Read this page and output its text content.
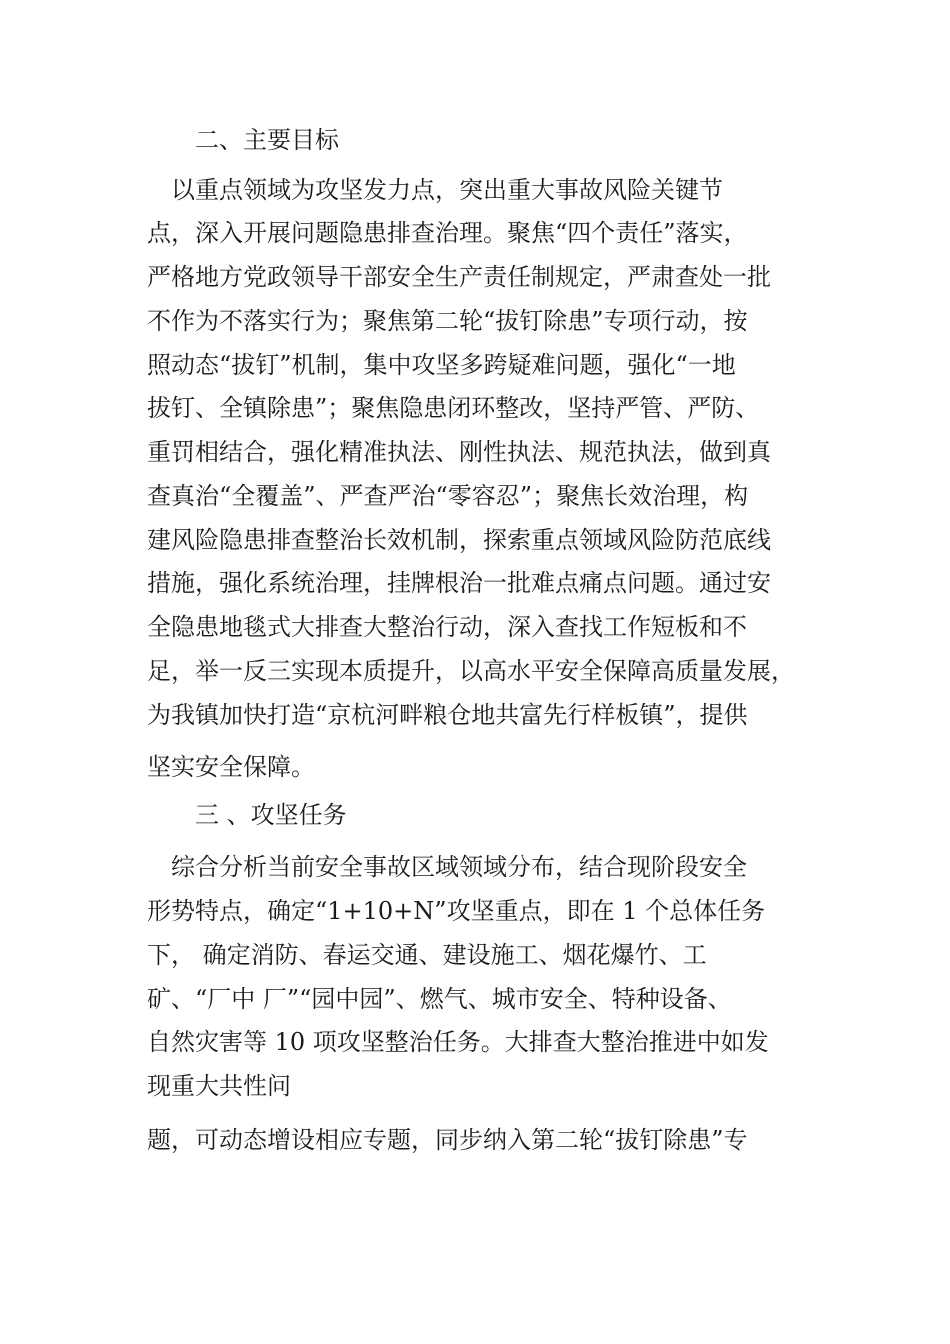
二、主要目标
以重点领域为攻坚发力点，突出重大事故风险关键节
点，深入开展问题隐患排查治理。聚焦“四个责任”落实，
严格地方党政领导干部安全生产责任制规定，严肃查处一批
不作为不落实行为；聚焦第二轮“拔钉除患”专项行动，按
照动态“拔钉”机制，集中攻坚多跨疑难问题，强化“一地
拔钉、全镇除患”；聚焦隐患闭环整改，坚持严管、严防、
重罚相结合，强化精准执法、刚性执法、规范执法，做到真
查真治“全覆盖”、严查严治“零容忍”；聚焦长效治理，构
建风险隐患排查整治长效机制，探索重点领域风险防范底线
措施，强化系统治理，挂牌根治一批难点痛点问题。通过安
全隐患地毯式大排查大整治行动，深入查找工作短板和不
足，举一反三实现本质提升，以高水平安全保障高质量发展，
为我镇加快打造“京杭河畔粮仓地共富先行样板镇”，提供
坚实安全保障。
三 、攻坚任务
综合分析当前安全事故区域领域分布，结合现阶段安全
形势特点，确定“1+10+N”攻坚重点，即在 1 个总体任务
下， 确定消防、春运交通、建设施工、烟花爆竹、工
矿、“厂中 厂”“园中园”、燃气、城市安全、特种设备、
自然灾害等 10 项攻坚整治任务。大排查大整治推进中如发
现重大共性问
题，可动态增设相应专题，同步纳入第二轮“拔钉除患”专
